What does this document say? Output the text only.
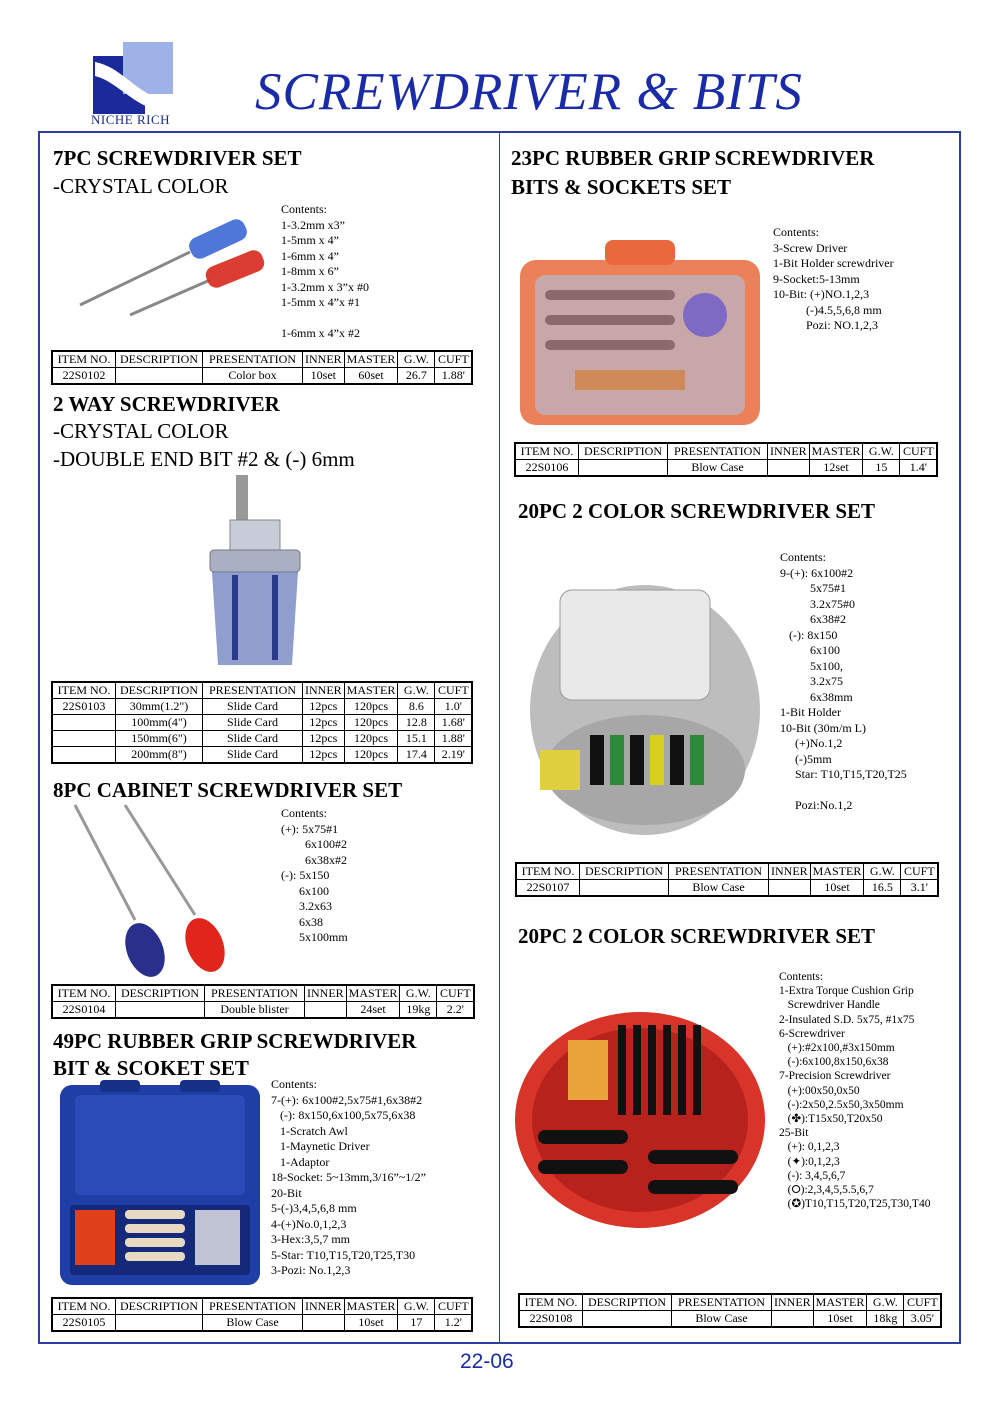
NICHE RICH SCREWDRIVER & BITS
7PC SCREWDRIVER SET
-CRYSTAL COLOR
Contents:
1-3.2mm x3”
1-5mm x 4”
1-6mm x 4”
1-8mm x 6”
1-3.2mm x 3”x #0
1-5mm x 4”x #1

1-6mm x 4”x #2
ITEM NO.	DESCRIPTION	PRESENTATION	INNER	MASTER	G.W.	CUFT
22S0102		Color box	10set	60set	26.7	1.88'
2 WAY SCREWDRIVER
-CRYSTAL COLOR
-DOUBLE END BIT #2 & (-) 6mm
ITEM NO.	DESCRIPTION	PRESENTATION	INNER	MASTER	G.W.	CUFT
22S0103	30mm(1.2")	Slide Card	12pcs	120pcs	8.6	1.0'
	100mm(4")	Slide Card	12pcs	120pcs	12.8	1.68'
	150mm(6")	Slide Card	12pcs	120pcs	15.1	1.88'
	200mm(8")	Slide Card	12pcs	120pcs	17.4	2.19'
8PC CABINET SCREWDRIVER SET
Contents:
(+): 5x75#1
6x100#2
6x38x#2
(-): 5x150
6x100
3.2x63
6x38
5x100mm
ITEM NO.	DESCRIPTION	PRESENTATION	INNER	MASTER	G.W.	CUFT
22S0104		Double blister		24set	19kg	2.2'
49PC RUBBER GRIP SCREWDRIVER
BIT & SCOKET SET
Contents:
7-(+): 6x100#2,5x75#1,6x38#2
(-): 8x150,6x100,5x75,6x38
1-Scratch Awl
1-Maynetic Driver
1-Adaptor
18-Socket: 5~13mm,3/16”~1/2”
20-Bit
5-(-)3,4,5,6,8 mm
4-(+)No.0,1,2,3
3-Hex:3,5,7 mm
5-Star: T10,T15,T20,T25,T30
3-Pozi: No.1,2,3
ITEM NO.	DESCRIPTION	PRESENTATION	INNER	MASTER	G.W.	CUFT
22S0105		Blow Case		10set	17	1.2'
23PC RUBBER GRIP SCREWDRIVER
BITS & SOCKETS SET
Contents:
3-Screw Driver
1-Bit Holder screwdriver
9-Socket:5-13mm
10-Bit: (+)NO.1,2,3
(-)4.5,5,6,8 mm
Pozi: NO.1,2,3
ITEM NO.	DESCRIPTION	PRESENTATION	INNER	MASTER	G.W.	CUFT
22S0106		Blow Case		12set	15	1.4'
20PC 2 COLOR SCREWDRIVER SET
Contents:
9-(+): 6x100#2
5x75#1
3.2x75#0
6x38#2
(-): 8x150
6x100
5x100,
3.2x75
6x38mm
1-Bit Holder
10-Bit (30m/m L)
(+)No.1,2
(-)5mm
Star: T10,T15,T20,T25

Pozi:No.1,2
ITEM NO.	DESCRIPTION	PRESENTATION	INNER	MASTER	G.W.	CUFT
22S0107		Blow Case		10set	16.5	3.1'
20PC 2 COLOR SCREWDRIVER SET
Contents:
1-Extra Torque Cushion Grip
Screwdriver Handle
2-Insulated S.D. 5x75, #1x75
6-Screwdriver
(+):#2x100,#3x150mm
(-):6x100,8x150,6x38
7-Precision Screwdriver
(+):00x50,0x50
(-):2x50,2.5x50,3x50mm
(✤):T15x50,T20x50
25-Bit
(+): 0,1,2,3
(✦):0,1,2,3
(-): 3,4,5,6,7
(⭘):2,3,4,5,5.5,6,7
(✪)T10,T15,T20,T25,T30,T40
ITEM NO.	DESCRIPTION	PRESENTATION	INNER	MASTER	G.W.	CUFT
22S0108		Blow Case		10set	18kg	3.05'
22-06
